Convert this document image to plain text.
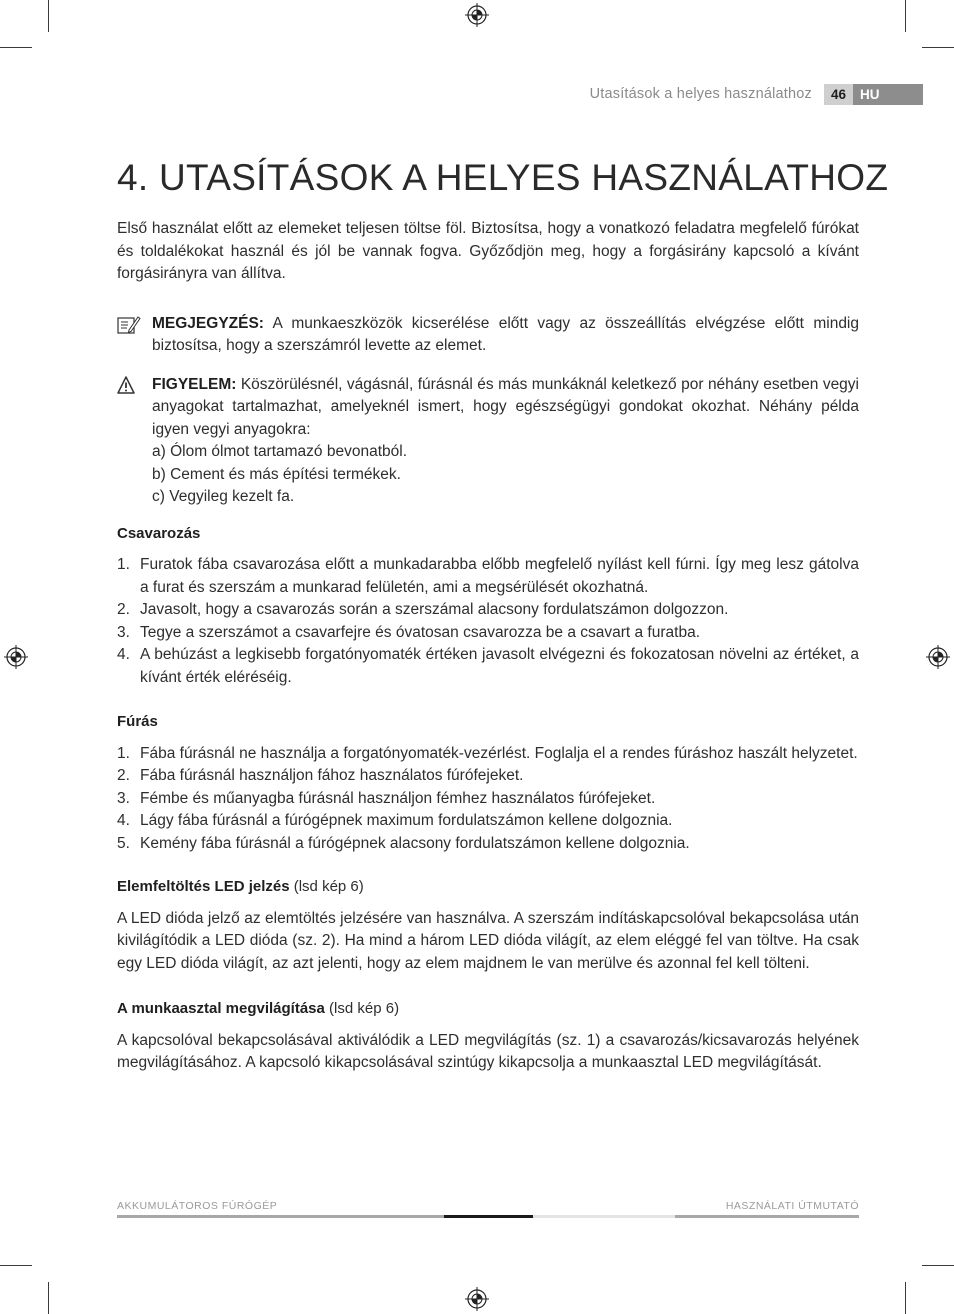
Utasítások a helyes használathoz	46	HU
4. UTASÍTÁSOK A HELYES HASZNÁLATHOZ

Első használat előtt az elemeket teljesen töltse föl. Biztosítsa, hogy a vonatkozó feladatra megfelelő fúrókat és toldalékokat használ és jól be vannak fogva. Győződjön meg, hogy a forgásirány kapcsoló a kívánt forgásirányra van állítva.

MEGJEGYZÉS: A munkaeszközök kicserélése előtt vagy az összeállítás elvégzése előtt mindig biztosítsa, hogy a szerszámról levette az elemet.

FIGYELEM: Köszörülésnél, vágásnál, fúrásnál és más munkáknál keletkező por néhány esetben vegyi anyagokat tartalmazhat, amelyeknél ismert, hogy egészségügyi gondokat okozhat. Néhány példa igyen vegyi anyagokra:

a) Ólom ólmot tartamazó bevonatból.
b) Cement és más építési termékek.
c) Vegyileg kezelt fa.
Csavarozás
1. Furatok fába csavarozása előtt a munkadarabba előbb megfelelő nyílást kell fúrni. Így meg lesz gátolva a furat és szerszám a munkarad felületén, ami a megsérülését okozhatná.
2. Javasolt, hogy a csavarozás során a szerszámal alacsony fordulatszámon dolgozzon.
3. Tegye a szerszámot a csavarfejre és óvatosan csavarozza be a csavart a furatba.
4. A behúzást a legkisebb forgatónyomaték értéken javasolt elvégezni és fokozatosan növelni az értéket, a kívánt érték eléréséig.
Fúrás
1. Fába fúrásnál ne használja a forgatónyomaték-vezérlést. Foglalja el a rendes fúráshoz haszált helyzetet.
2. Fába fúrásnál használjon fához használatos fúrófejeket.
3. Fémbe és műanyagba fúrásnál használjon fémhez használatos fúrófejeket.
4. Lágy fába fúrásnál a fúrógépnek maximum fordulatszámon kellene dolgoznia.
5. Kemény fába fúrásnál a fúrógépnek alacsony fordulatszámon kellene dolgoznia.
Elemfeltöltés LED jelzés (lsd kép 6)

A LED dióda jelző az elemtöltés jelzésére van használva. A szerszám indításkapcsolóval bekapcsolása után kivilágítódik a LED dióda (sz. 2). Ha mind a három LED dióda világít, az elem eléggé fel van töltve. Ha csak egy LED dióda világít, az azt jelenti, hogy az elem majdnem le van merülve és azonnal fel kell tölteni.

A munkaasztal megvilágítása (lsd kép 6)

A kapcsolóval bekapcsolásával aktiválódik a LED megvilágítás (sz. 1) a csavarozás/kicsavarozás helyének megvilágításához. A kapcsoló kikapcsolásával szintúgy kikapcsolja a munkaasztal LED megvilágítását.

AKKUMULÁTOROS FÚRÓGÉP	HASZNÁLATI ÚTMUTATÓ
